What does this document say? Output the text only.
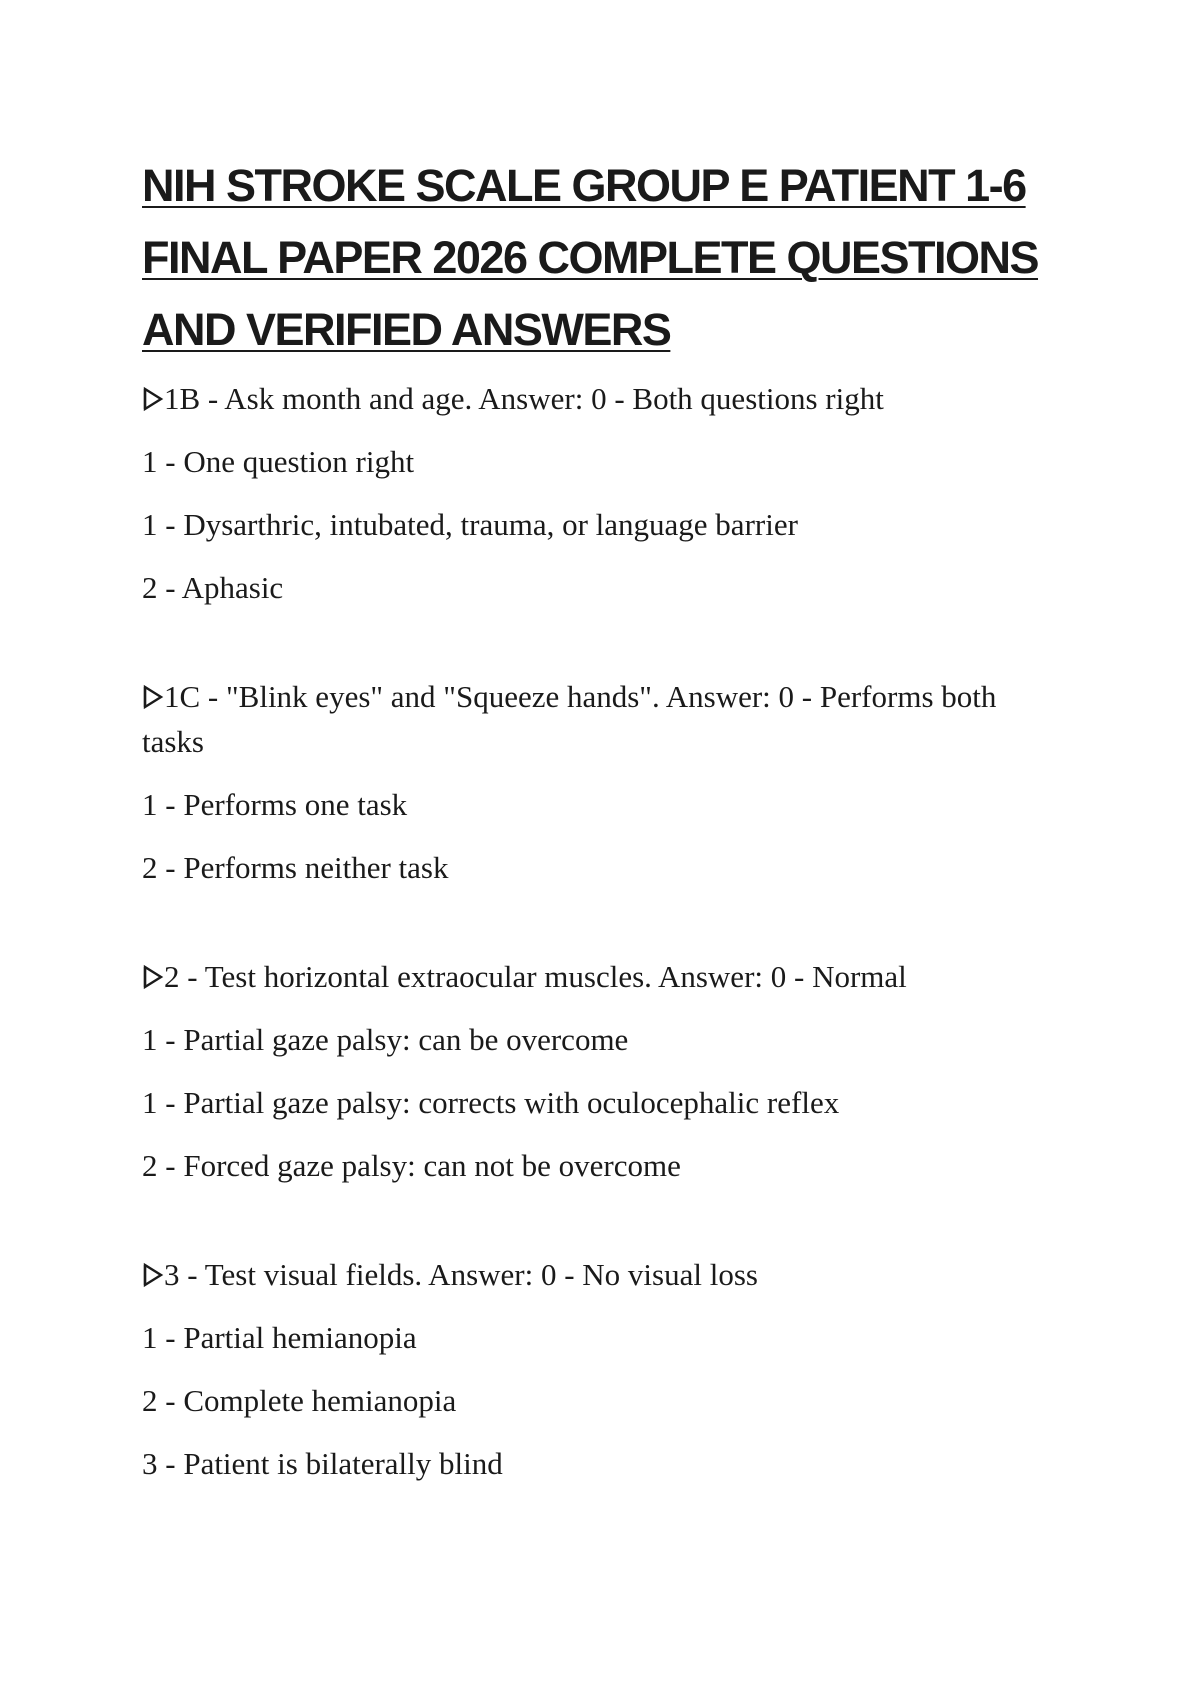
NIH STROKE SCALE GROUP E PATIENT 1-6
FINAL PAPER 2026 COMPLETE QUESTIONS
AND VERIFIED ANSWERS
1B - Ask month and age. Answer: 0 - Both questions right
1 - One question right
1 - Dysarthric, intubated, trauma, or language barrier
2 - Aphasic
1C - "Blink eyes" and "Squeeze hands". Answer: 0 - Performs both tasks
1 - Performs one task
2 - Performs neither task
2 - Test horizontal extraocular muscles. Answer: 0 - Normal
1 - Partial gaze palsy: can be overcome
1 - Partial gaze palsy: corrects with oculocephalic reflex
2 - Forced gaze palsy: can not be overcome
3 - Test visual fields. Answer: 0 - No visual loss
1 - Partial hemianopia
2 - Complete hemianopia
3 - Patient is bilaterally blind
